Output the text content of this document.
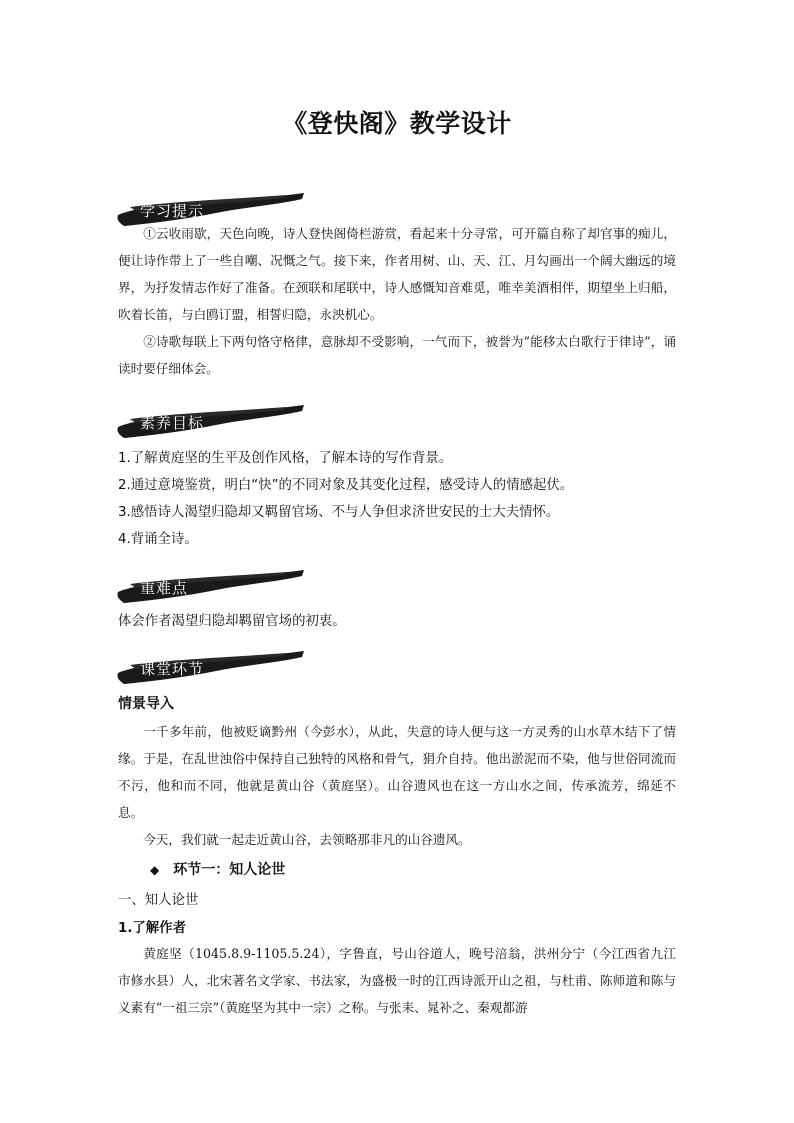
《登快阁》教学设计
学习提示

①云收雨歇，天色向晚，诗人登快阁倚栏游赏，看起来十分寻常，可开篇自称了却官事的痴儿，便让诗作带上了一些自嘲、况慨之气。接下来，作者用树、山、天、江、月勾画出一个阔大幽远的境界，为抒发情志作好了准备。在颈联和尾联中，诗人感慨知音难觅，唯幸美酒相伴，期望坐上归船，吹着长笛，与白鸥订盟，相誓归隐，永泱机心。

②诗歌每联上下两句恪守格律，意脉却不受影响，一气而下，被誉为“能移太白歌行于律诗”，诵读时要仔细体会。

素养目标

1.了解黄庭坚的生平及创作风格，了解本诗的写作背景。

2.通过意境鉴赏，明白“快”的不同对象及其变化过程，感受诗人的情感起伏。

3.感悟诗人渴望归隐却又羁留官场、不与人争但求济世安民的士大夫情怀。

4.背诵全诗。

重难点

体会作者渴望归隐却羁留官场的初衷。

课堂环节

情景导入

一千多年前，他被贬谪黔州（今彭水），从此，失意的诗人便与这一方灵秀的山水草木结下了情缘。于是，在乱世浊俗中保持自己独特的风格和骨气，狷介自持。他出淤泥而不染，他与世俗同流而不污，他和而不同，他就是黄山谷（黄庭坚）。山谷遗风也在这一方山水之间，传承流芳，绵延不息。

今天，我们就一起走近黄山谷，去领略那非凡的山谷遗风。

◆ 环节一：知人论世

一、知人论世

1.了解作者

黄庭坚（1045.8.9-1105.5.24），字鲁直，号山谷道人，晚号涪翁，洪州分宁（今江西省九江市修水县）人，北宋著名文学家、书法家，为盛极一时的江西诗派开山之祖，与杜甫、陈师道和陈与义素有“一祖三宗”（黄庭坚为其中一宗）之称。与张耒、晁补之、秦观都游
